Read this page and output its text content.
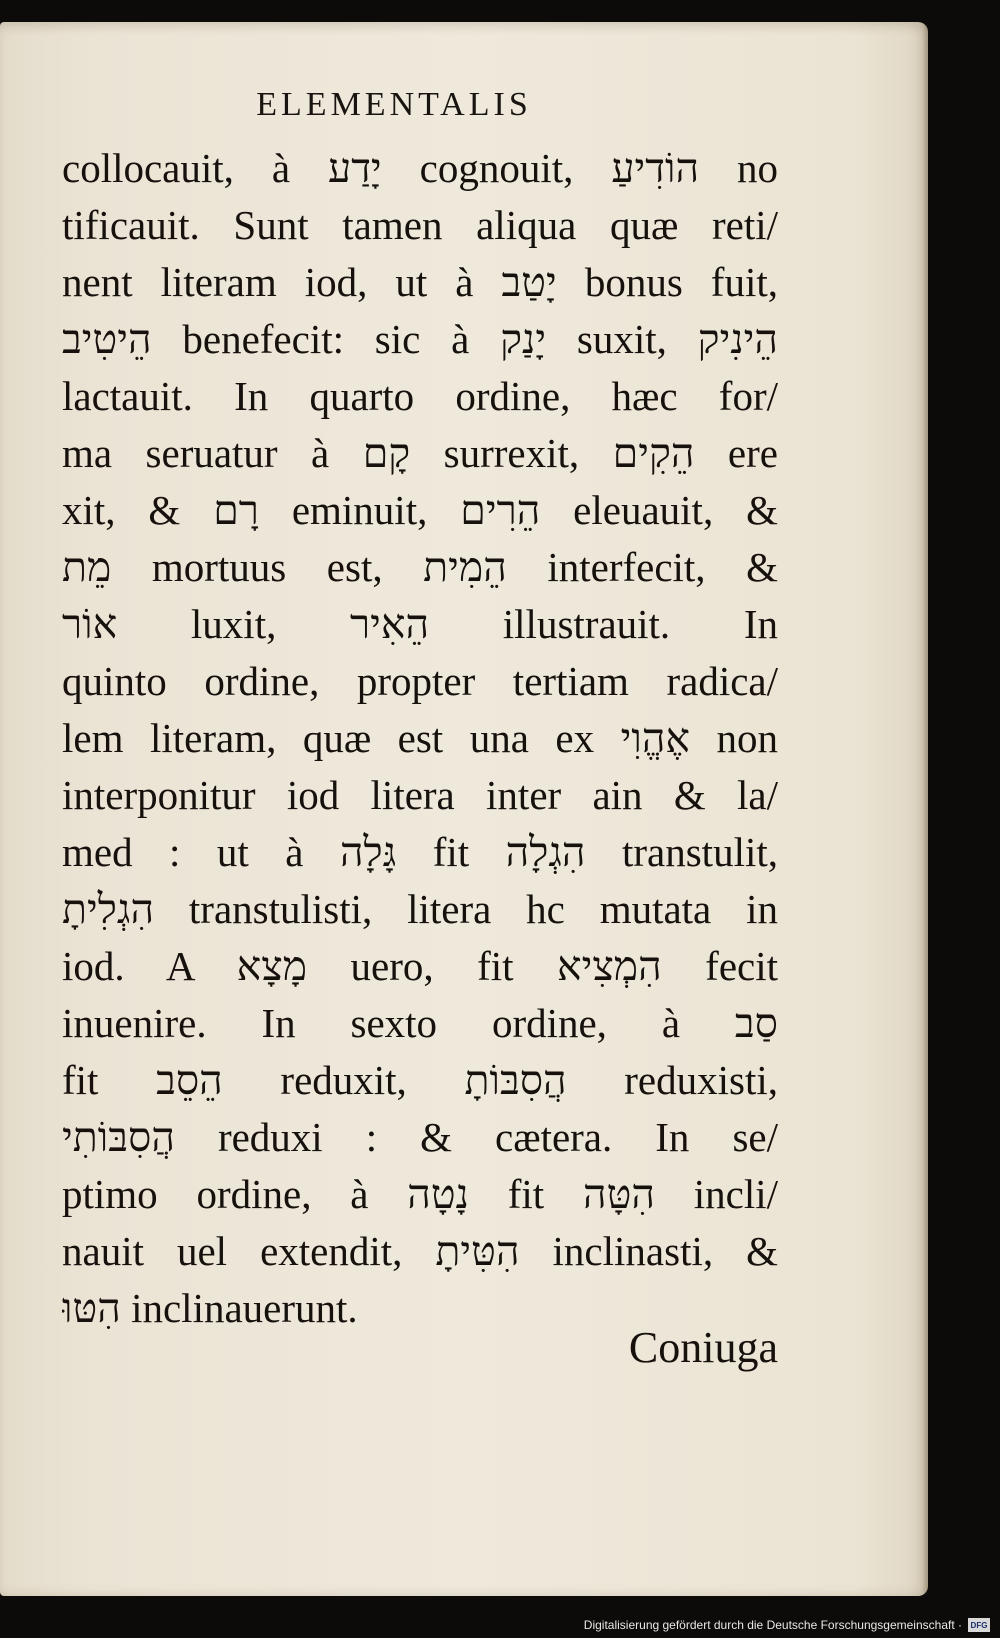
ELEMENTALIS
collocauit, à יָדַע cognouit, הוֹדִיעַ no
tificauit. Sunt tamen aliqua quæ reti/
nent literam iod, ut à יָטַב bonus fuit,
הֵיטִיב benefecit: sic à יָנַק suxit, הֵינִיק
lactauit. In quarto ordine, hæc for/
ma seruatur à קָם surrexit, הֵקִים ere
xit, & רָם eminuit, הֵרִים eleuauit, &
מֵת mortuus est, הֵמִית interfecit, &
אוֹר luxit, הֵאִיר illustrauit. In
quinto ordine, propter tertiam radica/
lem literam, quæ est una ex אֶהֱוִי non
interponitur iod litera inter ain & la/
med : ut à גָּלָה fit הִגְלָה transtulit,
הִגְלִיתָ transtulisti, litera hc mutata in
iod. A מָצָא uero, fit הִמְצִיא fecit
inuenire. In sexto ordine, à סַב
fit הֵסֵב reduxit, הֲסִבּוֹתָ reduxisti,
הֲסִבּוֹתִי reduxi : & cætera. In se/
ptimo ordine, à נָטָה fit הִטָּה incli/
nauit uel extendit, הִטִּיתָ inclinasti, &
הִטּוּ inclinauerunt.
Coniuga
Digitalisierung gefördert durch die Deutsche Forschungsgemeinschaft ·	DFG
